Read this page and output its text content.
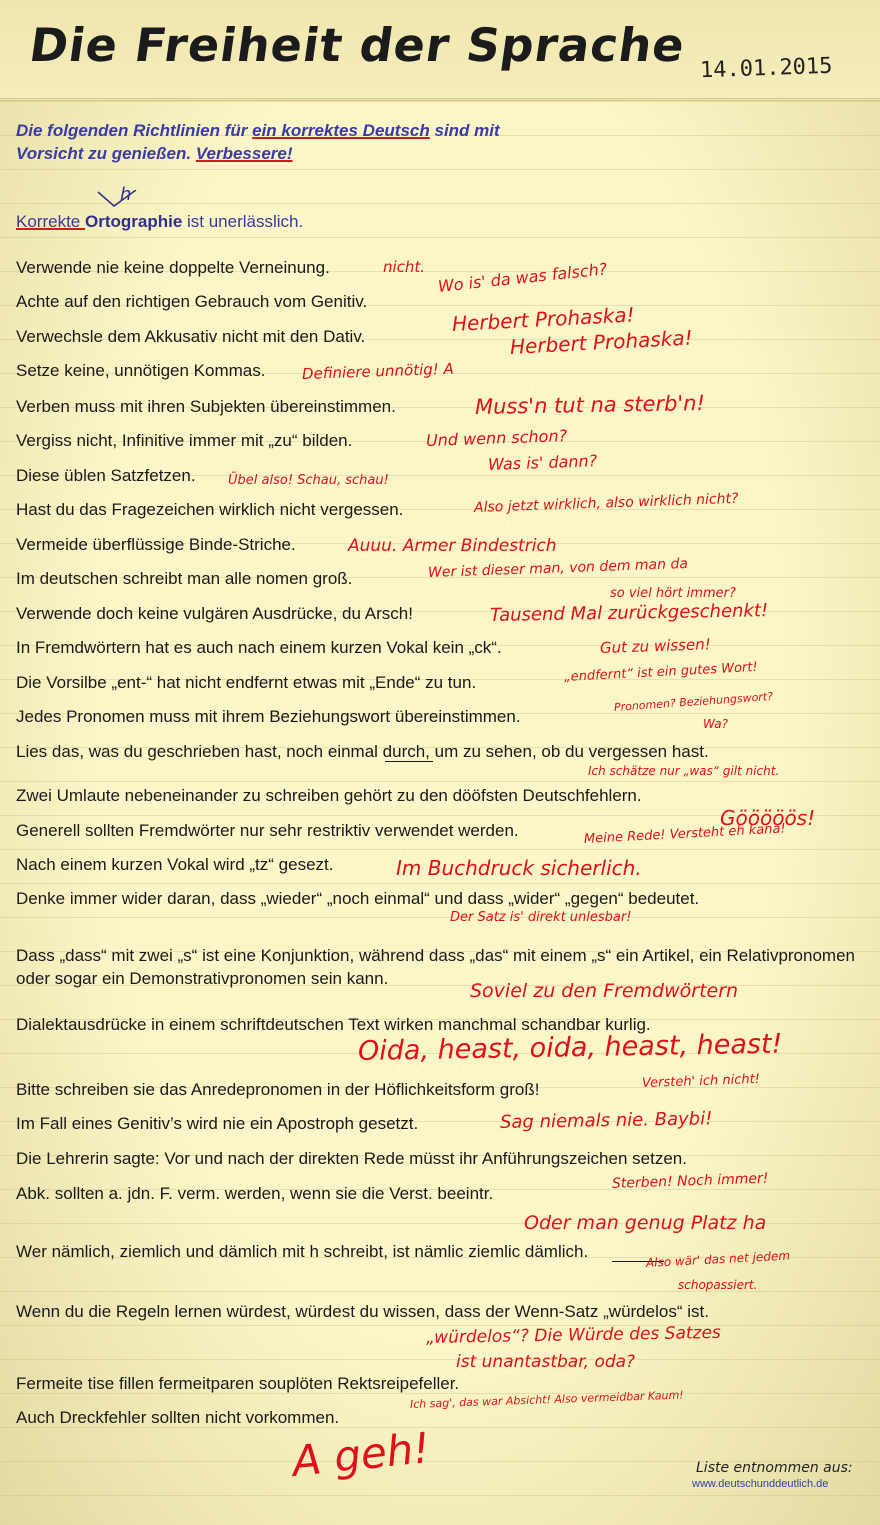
Die Freiheit der Sprache 14.01.2015
Die folgenden Richtlinien für ein korrektes Deutsch sind mit
Vorsicht zu genießen. Verbessere!
h
Korrekte Ortographie ist unerlässlich.
Verwende nie keine doppelte Verneinung.
Achte auf den richtigen Gebrauch vom Genitiv.
Verwechsle dem Akkusativ nicht mit den Dativ.
Setze keine, unnötigen Kommas.
Verben muss mit ihren Subjekten übereinstimmen.
Vergiss nicht, Infinitive immer mit „zu“ bilden.
Diese üblen Satzfetzen.
Hast du das Fragezeichen wirklich nicht vergessen.
Vermeide überflüssige Binde-Striche.
Im deutschen schreibt man alle nomen groß.
Verwende doch keine vulgären Ausdrücke, du Arsch!
In Fremdwörtern hat es auch nach einem kurzen Vokal kein „ck“.
Die Vorsilbe „ent-“ hat nicht endfernt etwas mit „Ende“ zu tun.
Jedes Pronomen muss mit ihrem Beziehungswort übereinstimmen.
Lies das, was du geschrieben hast, noch einmal durch, um zu sehen, ob du vergessen hast.
Zwei Umlaute nebeneinander zu schreiben gehört zu den dööfsten Deutschfehlern.
Generell sollten Fremdwörter nur sehr restriktiv verwendet werden.
Nach einem kurzen Vokal wird „tz“ gesezt.
Denke immer wider daran, dass „wieder“ „noch einmal“ und dass „wider“ „gegen“ bedeutet.
Dass „dass“ mit zwei „s“ ist eine Konjunktion, während dass „das“ mit einem „s“ ein Artikel, ein Relativpronomen oder sogar ein Demonstrativpronomen sein kann.
Dialektausdrücke in einem schriftdeutschen Text wirken manchmal schandbar kurlig.
Bitte schreiben sie das Anredepronomen in der Höflichkeitsform groß!
Im Fall eines Genitiv’s wird nie ein Apostroph gesetzt.
Die Lehrerin sagte: Vor und nach der direkten Rede müsst ihr Anführungszeichen setzen.
Abk. sollten a. jdn. F. verm. werden, wenn sie die Verst. beeintr.
Wer nämlich, ziemlich und dämlich mit h schreibt, ist nämlic ziemlic dämlich.
Wenn du die Regeln lernen würdest, würdest du wissen, dass der Wenn-Satz „würdelos“ ist.
Fermeite tise fillen fermeitparen souplöten Rektsreipefeller.
Auch Dreckfehler sollten nicht vorkommen.
nicht. Wo is' da was falsch?
Herbert Prohaska!
Herbert Prohaska!
Definiere unnötig! A
Muss'n tut na sterb'n!
Und wenn schon?
Was is' dann?
Übel also! Schau, schau!
Also jetzt wirklich, also wirklich nicht?
Auuu. Armer Bindestrich
Wer ist dieser man, von dem man da
so viel hört immer?
Tausend Mal zurückgeschenkt!
Gut zu wissen!
„endfernt“ ist ein gutes Wort!
Pronomen? Beziehungswort?
Wa?
Ich schätze nur „was“ gilt nicht.
Gööööös!
Meine Rede! Versteht eh kana!
Im Buchdruck sicherlich.
Der Satz is' direkt unlesbar!
Soviel zu den Fremdwörtern
Oida, heast, oida, heast, heast!
Versteh' ich nicht!
Sag niemals nie. Baybi!
Sterben! Noch immer!
Oder man genug Platz ha
Also wär' das net jedem
schopassiert.
„würdelos“? Die Würde des Satzes
ist unantastbar, oda?
Ich sag', das war Absicht! Also vermeidbar Kaum!
A geh!	Liste entnommen aus:
www.deutschunddeutlich.de
